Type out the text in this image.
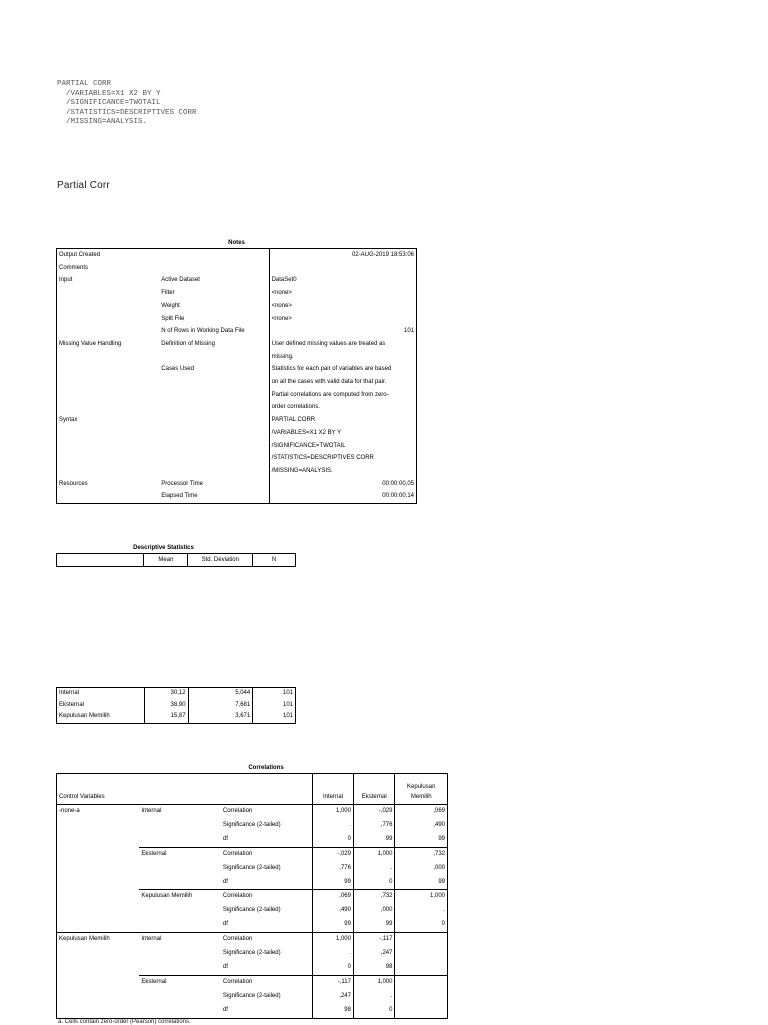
PARTIAL CORR
/VARIABLES=X1 X2 BY Y
/SIGNIFICANCE=TWOTAIL
/STATISTICS=DESCRIPTIVES CORR
/MISSING=ANALYSIS.
Partial Corr
Notes
Output Created		02-AUG-2019 18:53:06
Comments		
Input	Active Dataset	DataSet0
	Filter	<none>
	Weight	<none>
	Split File	<none>
	N of Rows in Working Data File	101
Missing Value Handling	Definition of Missing	User defined missing values are treated as
		missing.
	Cases Used	Statistics for each pair of variables are based
		on all the cases with valid data for that pair.
		Partial correlations are computed from zero-
		order correlations.
Syntax		PARTIAL CORR
		/VARIABLES=X1 X2 BY Y
		/SIGNIFICANCE=TWOTAIL
		/STATISTICS=DESCRIPTIVES CORR
		/MISSING=ANALYSIS.
Resources	Processor Time	00:00:00,05
	Elapsed Time	00:00:00,14
Descriptive Statistics
	Mean	Std. Deviation	N
Internal	30,12	5,044	101
Eksternal	38,90	7,681	101
Kepulusan Memilih	15,87	3,671	101
Correlations
Control Variables			Internal	Eksternal	Kepulusan
Memilih

-none-a	Internal	Correlation	1,000	-,029	,069
		Significance (2-tailed)	.	,776	,490
		df	0	99	99
	Eksternal	Correlation	-,029	1,000	,732
		Significance (2-tailed)	,776	.	,000
		df	99	0	99
	Kepulusan Memilih	Correlation	,069	,732	1,000
		Significance (2-tailed)	,490	,000	.
		df	99	99	0
Kepulusan Memilih	Internal	Correlation	1,000	-,117	
		Significance (2-tailed)	.	,247	
		df	0	98	
	Eksternal	Correlation	-,117	1,000	
		Significance (2-tailed)	,247	.	
		df	98	0	
a. Cells contain zero-order (Pearson) correlations.
